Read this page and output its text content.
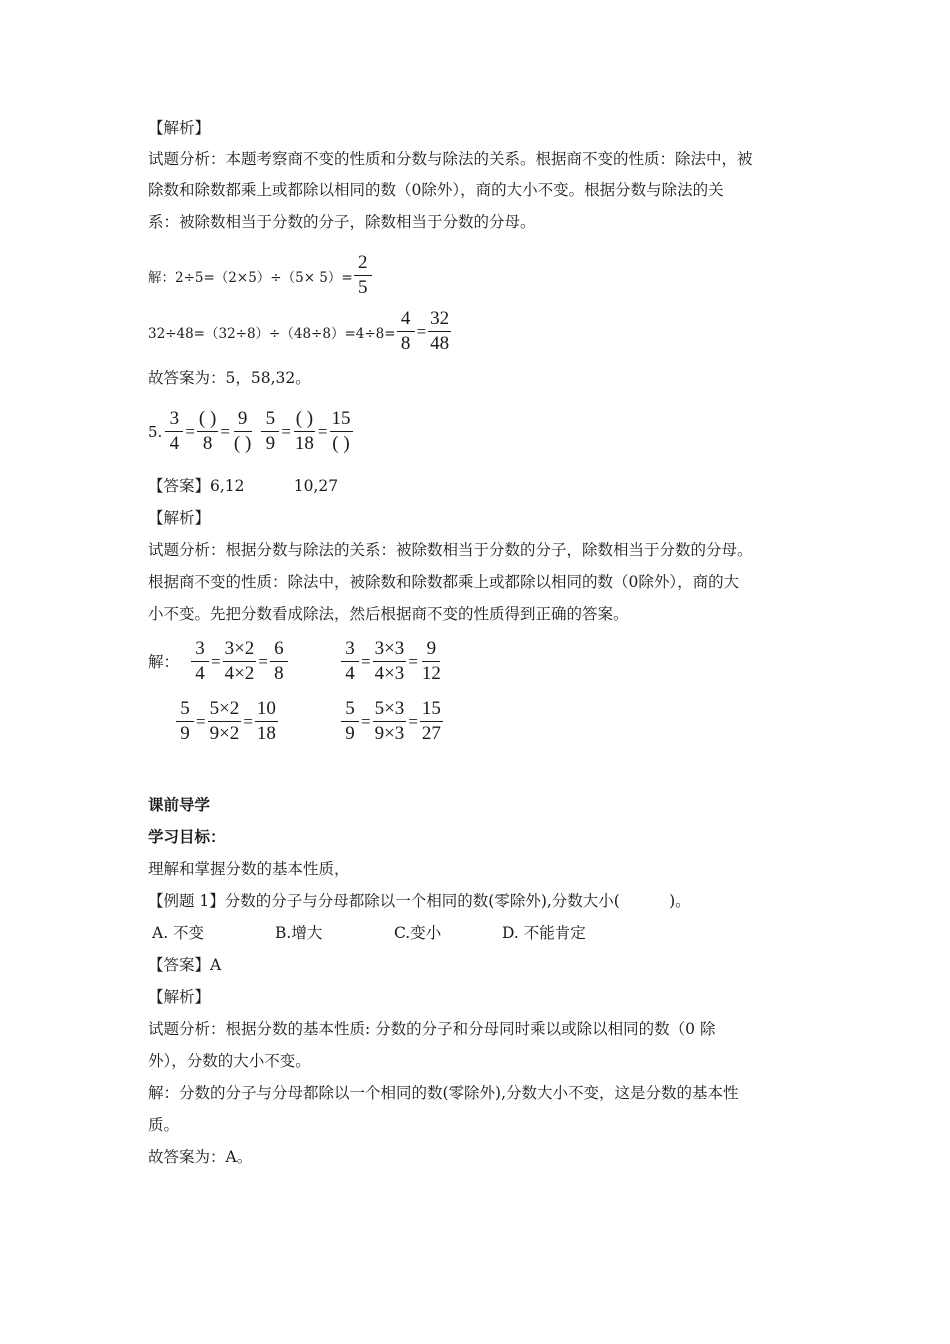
【解析】
试题分析：本题考察商不变的性质和分数与除法的关系。根据商不变的性质：除法中，被
除数和除数都乘上或都除以相同的数（0除外），商的大小不变。根据分数与除法的关
系：被除数相当于分数的分子，除数相当于分数的分母。
解：$2\div 5=(2\times 5)\div(5\times 5)= \frac{2}{5}$
$32\div 48=(32\div 8)\div(48\div 8)=4\div 8= \frac{4}{8} = \frac{32}{48}$
故答案为：5，58,32。
5. $\frac{3}{4} = \frac{( )}{8} = \frac{9}{( )} \frac{5}{9} = \frac{( )}{18} = \frac{15}{( )}$
【答案】6,12          10,27
【解析】
试题分析：根据分数与除法的关系：被除数相当于分数的分子，除数相当于分数的分母。
根据商不变的性质：除法中，被除数和除数都乘上或都除以相同的数（0除外），商的大
小不变。先把分数看成除法，然后根据商不变的性质得到正确的答案。
解： $\frac{3}{4} = \frac{3\times 2}{4\times 2} = \frac{6}{8}$	$\frac{3}{4} = \frac{3\times 3}{4\times 3} = \frac{9}{12}$
$\frac{5}{9} = \frac{5\times 2}{9\times 2} = \frac{10}{18}$	$\frac{5}{9} = \frac{5\times 3}{9\times 3} = \frac{15}{27}$
课前导学
学习目标：
理解和掌握分数的基本性质，
【例题 1】分数的分子与分母都除以一个相同的数(零除外),分数大小(          )。
A. 不变	B.增大	C.变小	D. 不能肯定
【答案】A
【解析】
试题分析：根据分数的基本性质: 分数的分子和分母同时乘以或除以相同的数（0 除
外），分数的大小不变。
解：分数的分子与分母都除以一个相同的数(零除外),分数大小不变，这是分数的基本性
质。
故答案为：A。
